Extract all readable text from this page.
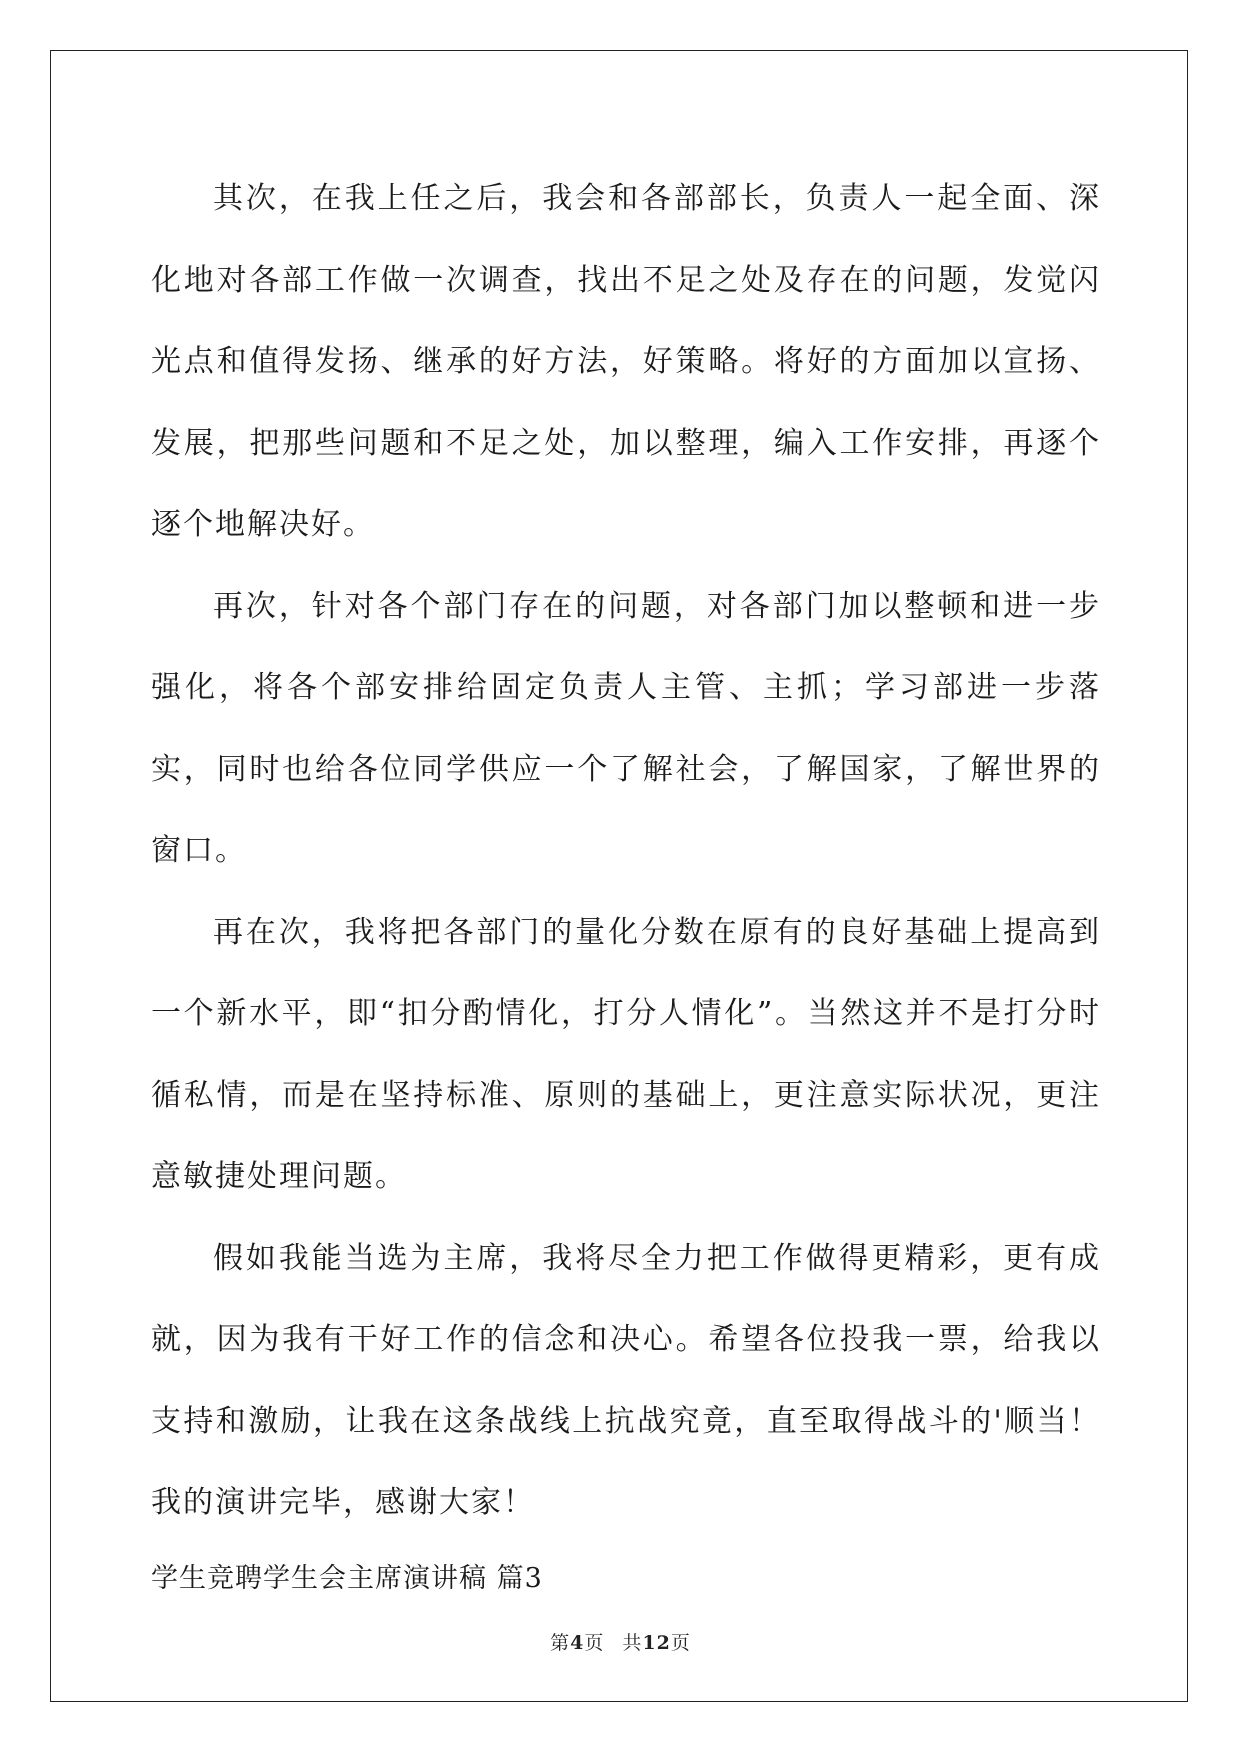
其次，在我上任之后，我会和各部部长，负责人一起全面、深化地对各部工作做一次调查，找出不足之处及存在的问题，发觉闪光点和值得发扬、继承的好方法，好策略。将好的方面加以宣扬、发展，把那些问题和不足之处，加以整理，编入工作安排，再逐个逐个地解决好。

再次，针对各个部门存在的问题，对各部门加以整顿和进一步强化，将各个部安排给固定负责人主管、主抓；学习部进一步落实，同时也给各位同学供应一个了解社会，了解国家，了解世界的窗口。

再在次，我将把各部门的量化分数在原有的良好基础上提高到一个新水平，即“扣分酌情化，打分人情化”。当然这并不是打分时循私情，而是在坚持标准、原则的基础上，更注意实际状况，更注意敏捷处理问题。

假如我能当选为主席，我将尽全力把工作做得更精彩，更有成就，因为我有干好工作的信念和决心。希望各位投我一票，给我以支持和激励，让我在这条战线上抗战究竟，直至取得战斗的'顺当！我的演讲完毕，感谢大家！

学生竞聘学生会主席演讲稿 篇3
第4页 共12页
